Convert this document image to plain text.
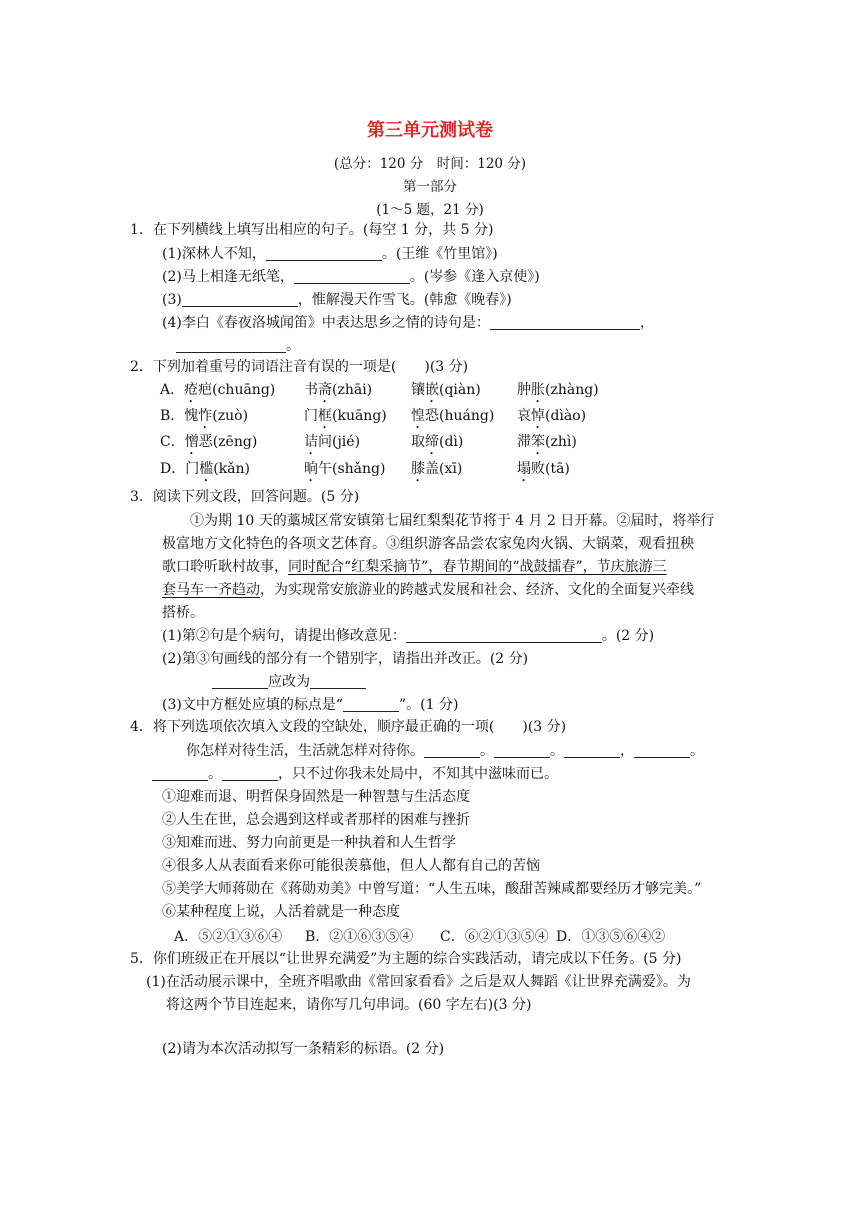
第三单元测试卷
(总分：120 分　时间：120 分)
第一部分
(1～5 题，21 分)
1．在下列横线上填写出相应的句子。(每空 1 分，共 5 分)
(1)深林人不知，	。(王维《竹里馆》)
(2)马上相逢无纸笔，	。(岑参《逢入京使》)
(3)	，惟解漫天作雪飞。(韩愈《晚春》)
(4)李白《春夜洛城闻笛》中表达思乡之情的诗句是：	，
。
2．下列加着重号的词语注音有误的一项是( )(3 分)
A．疮疤(chuāng) 书斋(zhāi)	镶嵌(qiàn)	肿胀(zhàng)
B．愧怍(zuò)	门框(kuāng) 惶恐(huáng) 哀悼(dìào)
C．憎恶(zēng)	诘问(jié)	取缔(dì)	滞笨(zhì)
D．门槛(kǎn)	晌午(shǎng) 膝盖(xī)	塌败(tā)
3．阅读下列文段，回答问题。(5 分)
①为期 10 天的藁城区常安镇第七届红梨梨花节将于 4 月 2 日开幕。②届时，将举行
极富地方文化特色的各项文艺体育。③组织游客品尝农家兔肉火锅、大锅菜，观看扭秧
歌口聆听耿村故事，同时配合“红梨采摘节”，春节期间的“战鼓擂春”，节庆旅游三
套马车一齐趋动，为实现常安旅游业的跨越式发展和社会、经济、文化的全面复兴牵线
搭桥。
(1)第②句是个病句，请提出修改意见：	。(2 分)
(2)第③句画线的部分有一个错别字，请指出并改正。(2 分)
应改为
(3)文中方框处应填的标点是“	”。(1 分)
4．将下列选项依次填入文段的空缺处，顺序最正确的一项( )(3 分)
你怎样对待生活，生活就怎样对待你。	。	。	，	。
。	，只不过你我未处局中，不知其中滋味而已。
①迎难而退、明哲保身固然是一种智慧与生活态度
②人生在世，总会遇到这样或者那样的困难与挫折
③知难而进、努力向前更是一种执着和人生哲学
④很多人从表面看来你可能很羡慕他，但人人都有自己的苦恼
⑤美学大师蒋勋在《蒋勋劝美》中曾写道：“人生五味，酸甜苦辣咸都要经历才够完美。”
⑥某种程度上说，人活着就是一种态度
A．⑤②①③⑥④ B．②①⑥③⑤④ C．⑥②①③⑤④ D．①③⑤⑥④②
5．你们班级正在开展以“让世界充满爱”为主题的综合实践活动，请完成以下任务。(5 分)
(1)在活动展示课中，全班齐唱歌曲《常回家看看》之后是双人舞蹈《让世界充满爱》。为
将这两个节目连起来，请你写几句串词。(60 字左右)(3 分)
(2)请为本次活动拟写一条精彩的标语。(2 分)
